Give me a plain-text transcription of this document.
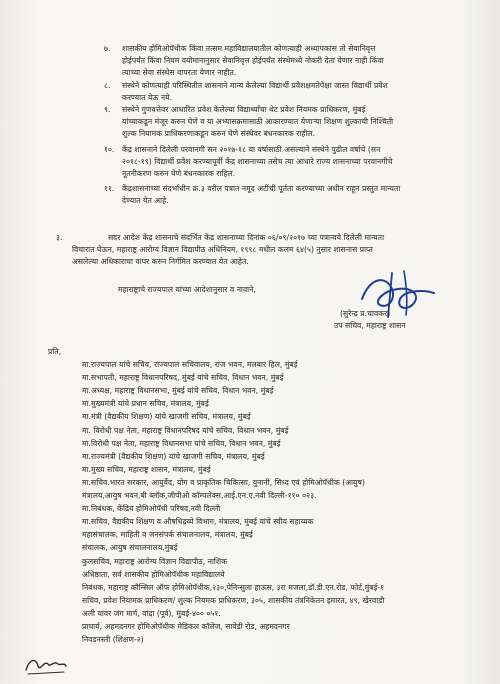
७. शासकीय होमिओपॅथीक किंवा तत्सम महाविद्यालयातील कोणत्याही अध्यापकांस तो सेवानिवृत्त
होईपर्यंत किंवा नियम वयोमानानुसार सेवानिवृत्त होईपर्यंत संस्थेमध्ये नोकरी देता येणार नाही किंवा
त्याच्या सेवा संस्थेस वापरता येणार नाहीत.
८. संस्थेने कोणत्याही परिस्थितीत शासनाने मान्य केलेल्या विद्यार्थी प्रवेशक्षमतेपेक्षा जास्त विद्यार्थी प्रवेश
करण्यात येऊ नये.
९. संस्थेने गुणवत्तेवर आधारित प्रवेश केलेल्या विद्यार्थ्यांचा थेट प्रवेश नियमक प्राधिकरण, मुंबई
यांच्याकडून मंजूर करुन घेणे व या अभ्यासक्रमासाठी आकारण्यात येणाऱ्या शिक्षण शुल्काची निश्चिती
शुल्क नियामक प्राधिकरणाकडून करुन घेणे संस्थेवर बंधनकारक राहील.
१०. केंद्र शासनाने दिलेली परवानगी सन २०१७-१८ या वर्षासाठी असल्याने संस्थेने पुढील वर्षाचे (सन
२०१८-१९) विद्यार्थी प्रवेश करण्यापूर्वी केंद्र शासनाच्या तसेच त्या आधारे राज्य शासनाच्या परवानगीचे
नूतनीकरण करुन घेणे बंधनकारक राहिल.
११. केंद्रशासनाच्या संदर्भाधीन क्र.३ वरील पत्रात नमूद अटींची पूर्तता करण्याच्या अधीन राहून प्रस्तुत मान्यता
देण्यात येत आहे.
३.	सदर आदेश केंद्र शासनाचे संदर्भित केंद्र शासनाच्या दिनांक ०६/०९/२०१७ च्या पत्रान्वये दिलेली मान्यता
विचारात घेऊन, महाराष्ट्र आरोग्य विज्ञान विद्यापीठ अधिनियम, १९९८ मधील कलम ६४(५) नुसार शासनास प्राप्त
असलेल्या अधिकाराचा वापर करुन निर्गमित करण्यात येत आहेत.
महाराष्ट्राचे राज्यपाल यांच्या आदेशानुसार व नावाने,
(सुरेन्द्र प्र.चावकर)
उप सचिव, महाराष्ट्र शासन
प्रति,
मा.राज्यपाल यांचे सचिव, राज्यपाल सचिवालय, राज भवन, मलबार हिल, मुंबई
मा.सभापती, महाराष्ट्र विधानपरिषद, मुंबई यांचे सचिव, विधान भवन, मुंबई
मा.अध्यक्ष, महाराष्ट्र विधानसभा, मुंबई यांचे सचिव, विधान भवन, मुंबई
मा.मुख्यमंत्री यांचे प्रधान सचिव, मंत्रालय, मुंबई
मा.मंत्री (वैद्यकीय शिक्षण) यांचे खाजगी सचिव, मंत्रालय, मुंबई
मा. विरोधी पक्ष नेता, महाराष्ट्र विधानपरिषद यांचे सचिव, विधान भवन, मुंबई
मा.विरोधी पक्ष नेता, महाराष्ट्र विधानसभा यांचे सचिव, विधान भवन, मुंबई
मा.राज्यमंत्री (वैद्यकीय शिक्षण) यांचे खाजगी सचिव, मंत्रालय, मुंबई
मा.मुख्य सचिव, महाराष्ट्र शासन, मंत्रालय, मुंबई
मा.सचिव.भारत सरकार, आयुर्वेद, योग व प्राकृतिक चिकित्सा, युनानी, सिध्द एवं होमिओपॅथीक (आयुष)
मंत्रालय,आयुष भवन,बी ब्लॉक,जीपीओ कॉम्पलेक्स,आई.एन.ए.नवी दिल्ली-११० ०२३.
मा.निबंधक, केंद्रिय होमिओपॅथी परिषद,नवी दिल्ली
मा.सचिव, वैद्यकीय शिक्षण व औषधिद्रव्ये विभाग, मंत्रालय, मुंबई यांचे स्वीय सहाय्यक
महासंचालक, माहिती व जनसंपर्क संचालनालय, मंत्रालय, मुंबई
संचालक, आयुष संचालनालय,मुंबई
कुलसचिव, महाराष्ट्र आरोग्य विज्ञान विद्यापीठ, नाशिक
अधिष्ठाता, सर्व शासकीय होमिओपॅथीक महाविद्यालये
निबंधक, महाराष्ट्र कौन्सिल ऑफ होमिओपॅथीक,२३०,पेनिन्सुला हाऊस, ३रा मजला,डॉ.डी.एन.रोड, फोर्ट,मुंबई-१
सचिव, प्रवेश नियामक प्राधिकरण/ शुल्क नियमक प्राधिकरण, ३०५, शासकीय तंत्रनिकेतन इमारत, ४९, खेरवाडी
अली यावर जंग मार्ग, वांद्रा (पूर्व), मुंबई-४०० ०५१.
प्राचार्य, अहमदनगर होमिओपॅथीक मेडिकल कॉलेज, सावेडी रोड, अहमदनगर
निवडनस्ती (शिक्षण-२)
